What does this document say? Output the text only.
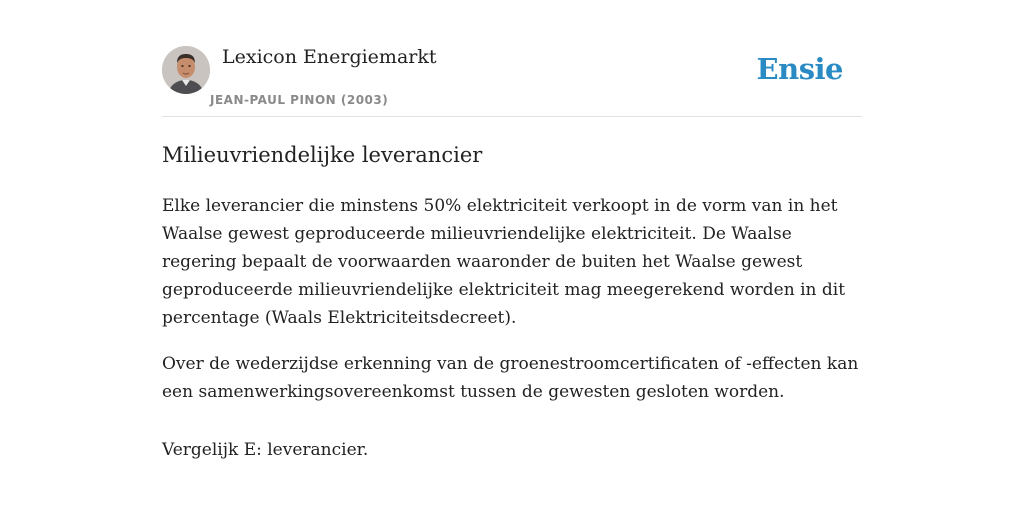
Lexicon Energiemarkt
JEAN-PAUL PINON (2003)
Ensie
Milieuvriendelijke leverancier

Elke leverancier die minstens 50% elektriciteit verkoopt in de vorm van in het Waalse gewest geproduceerde milieuvriendelijke elektriciteit. De Waalse regering bepaalt de voorwaarden waaronder de buiten het Waalse gewest geproduceerde milieuvriendelijke elektriciteit mag meegerekend worden in dit percentage (Waals Elektriciteitsdecreet).

Over de wederzijdse erkenning van de groenestroomcertificaten of -effecten kan een samenwerkingsovereenkomst tussen de gewesten gesloten worden.

Vergelijk E: leverancier.
